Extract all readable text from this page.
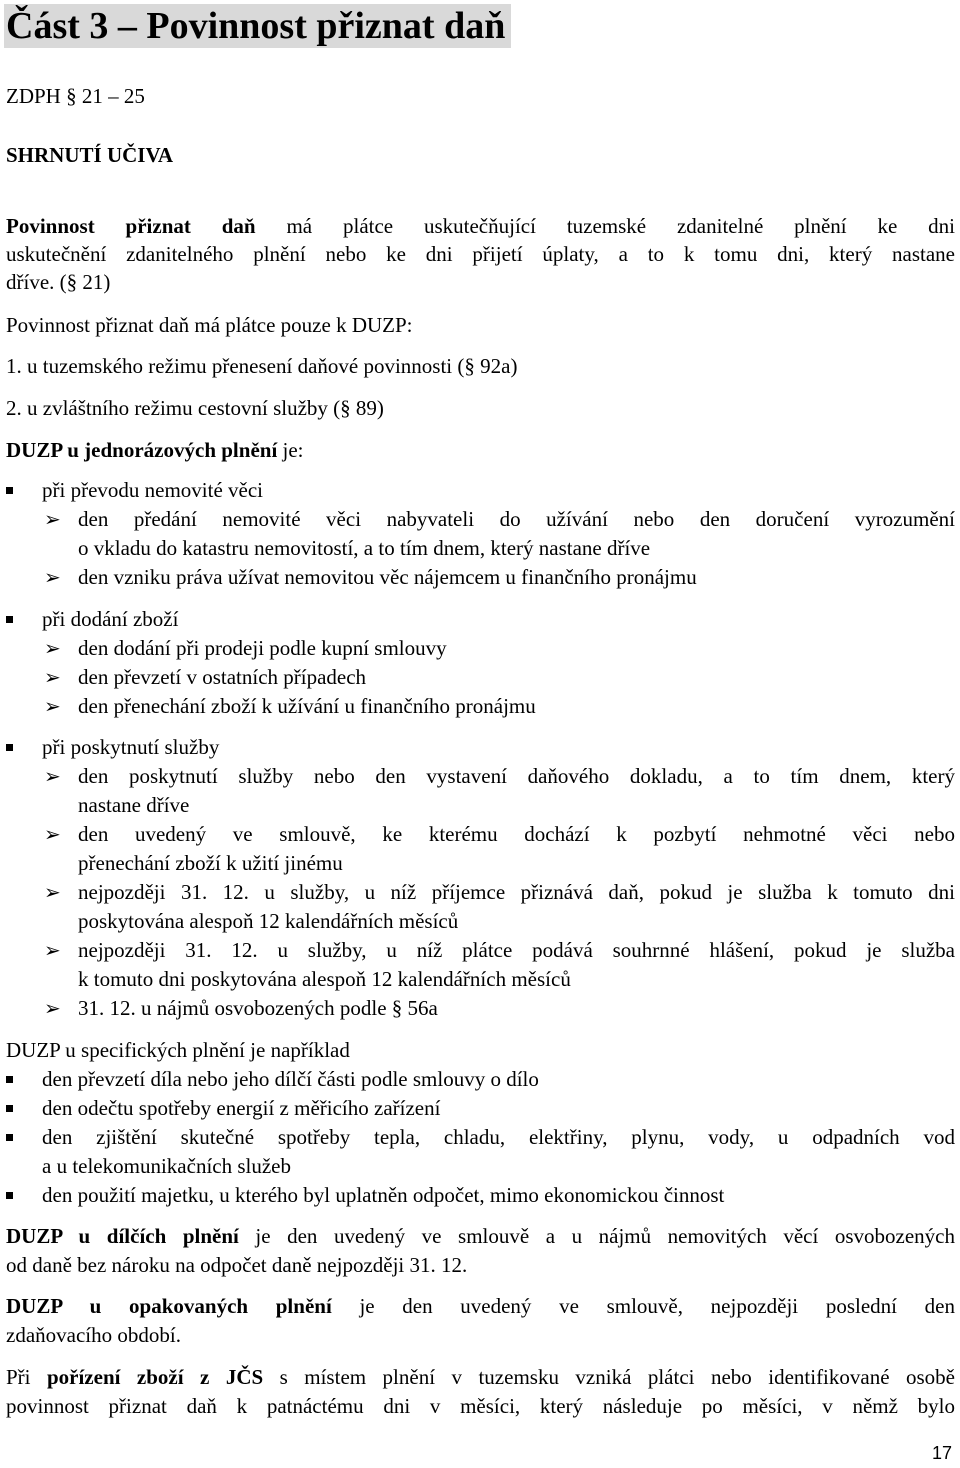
Část 3 – Povinnost přiznat daň
ZDPH § 21 – 25
SHRNUTÍ UČIVA
Povinnost přiznat daň má plátce uskutečňující tuzemské zdanitelné plnění ke dni
uskutečnění zdanitelného plnění nebo ke dni přijetí úplaty, a to k tomu dni, který nastane
dříve. (§ 21)
Povinnost přiznat daň má plátce pouze k DUZP:
1. u tuzemského režimu přenesení daňové povinnosti (§ 92a)
2. u zvláštního režimu cestovní služby (§ 89)
DUZP u jednorázových plnění je:
při převodu nemovité věci
➢ den předání nemovité věci nabyvateli do užívání nebo den doručení vyrozumění
o vkladu do katastru nemovitostí, a to tím dnem, který nastane dříve
➢ den vzniku práva užívat nemovitou věc nájemcem u finančního pronájmu
při dodání zboží
➢ den dodání při prodeji podle kupní smlouvy
➢ den převzetí v ostatních případech
➢ den přenechání zboží k užívání u finančního pronájmu
při poskytnutí služby
➢ den poskytnutí služby nebo den vystavení daňového dokladu, a to tím dnem, který
nastane dříve
➢ den uvedený ve smlouvě, ke kterému dochází k pozbytí nehmotné věci nebo
přenechání zboží k užití jinému
➢ nejpozději 31. 12. u služby, u níž příjemce přiznává daň, pokud je služba k tomuto dni
poskytována alespoň 12 kalendářních měsíců
➢ nejpozději 31. 12. u služby, u níž plátce podává souhrnné hlášení, pokud je služba
k tomuto dni poskytována alespoň 12 kalendářních měsíců
➢ 31. 12. u nájmů osvobozených podle § 56a
DUZP u specifických plnění je například
den převzetí díla nebo jeho dílčí části podle smlouvy o dílo
den odečtu spotřeby energií z měřicího zařízení
den zjištění skutečné spotřeby tepla, chladu, elektřiny, plynu, vody, u odpadních vod
a u telekomunikačních služeb
den použití majetku, u kterého byl uplatněn odpočet, mimo ekonomickou činnost
DUZP u dílčích plnění je den uvedený ve smlouvě a u nájmů nemovitých věcí osvobozených
od daně bez nároku na odpočet daně nejpozději 31. 12.
DUZP u opakovaných plnění je den uvedený ve smlouvě, nejpozději poslední den
zdaňovacího období.
Při pořízení zboží z JČS s místem plnění v tuzemsku vzniká plátci nebo identifikované osobě
povinnost přiznat daň k patnáctému dni v měsíci, který následuje po měsíci, v němž bylo
17
